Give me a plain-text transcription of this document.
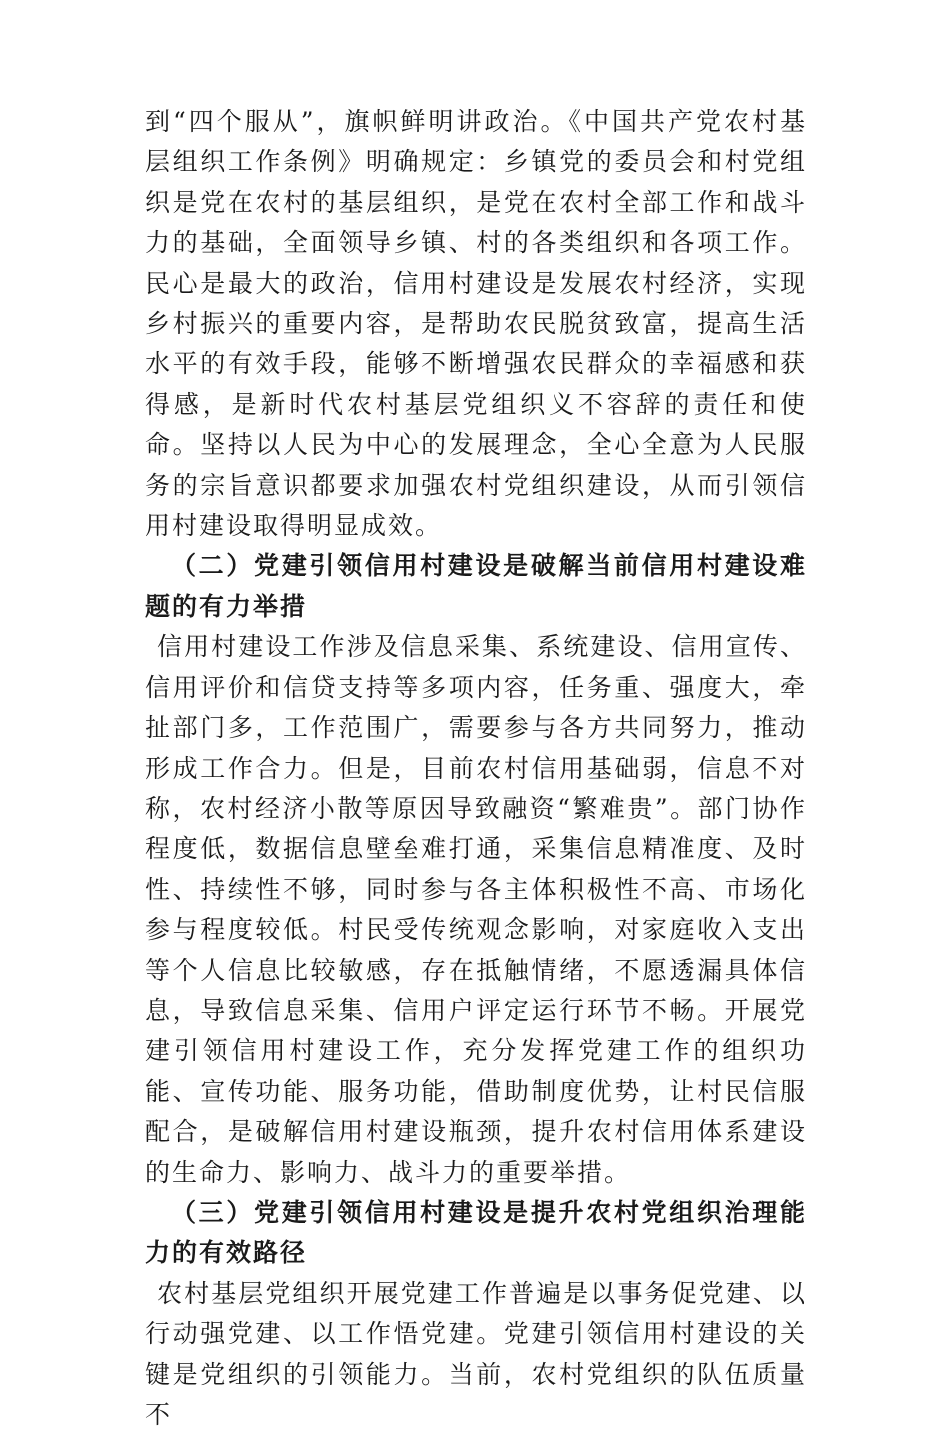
到“四个服从”，旗帜鲜明讲政治。《中国共产党农村基层组织工作条例》明确规定：乡镇党的委员会和村党组织是党在农村的基层组织，是党在农村全部工作和战斗力的基础，全面领导乡镇、村的各类组织和各项工作。民心是最大的政治，信用村建设是发展农村经济，实现乡村振兴的重要内容，是帮助农民脱贫致富，提高生活水平的有效手段，能够不断增强农民群众的幸福感和获得感，是新时代农村基层党组织义不容辞的责任和使命。坚持以人民为中心的发展理念，全心全意为人民服务的宗旨意识都要求加强农村党组织建设，从而引领信用村建设取得明显成效。

（二）党建引领信用村建设是破解当前信用村建设难题的有力举措

信用村建设工作涉及信息采集、系统建设、信用宣传、信用评价和信贷支持等多项内容，任务重、强度大，牵扯部门多，工作范围广，需要参与各方共同努力，推动形成工作合力。但是，目前农村信用基础弱，信息不对称，农村经济小散等原因导致融资“繁难贵”。部门协作程度低，数据信息壁垒难打通，采集信息精准度、及时性、持续性不够，同时参与各主体积极性不高、市场化参与程度较低。村民受传统观念影响，对家庭收入支出等个人信息比较敏感，存在抵触情绪，不愿透漏具体信息，导致信息采集、信用户评定运行环节不畅。开展党建引领信用村建设工作，充分发挥党建工作的组织功能、宣传功能、服务功能，借助制度优势，让村民信服配合，是破解信用村建设瓶颈，提升农村信用体系建设的生命力、影响力、战斗力的重要举措。

（三）党建引领信用村建设是提升农村党组织治理能力的有效路径

农村基层党组织开展党建工作普遍是以事务促党建、以行动强党建、以工作悟党建。党建引领信用村建设的关键是党组织的引领能力。当前，农村党组织的队伍质量不
